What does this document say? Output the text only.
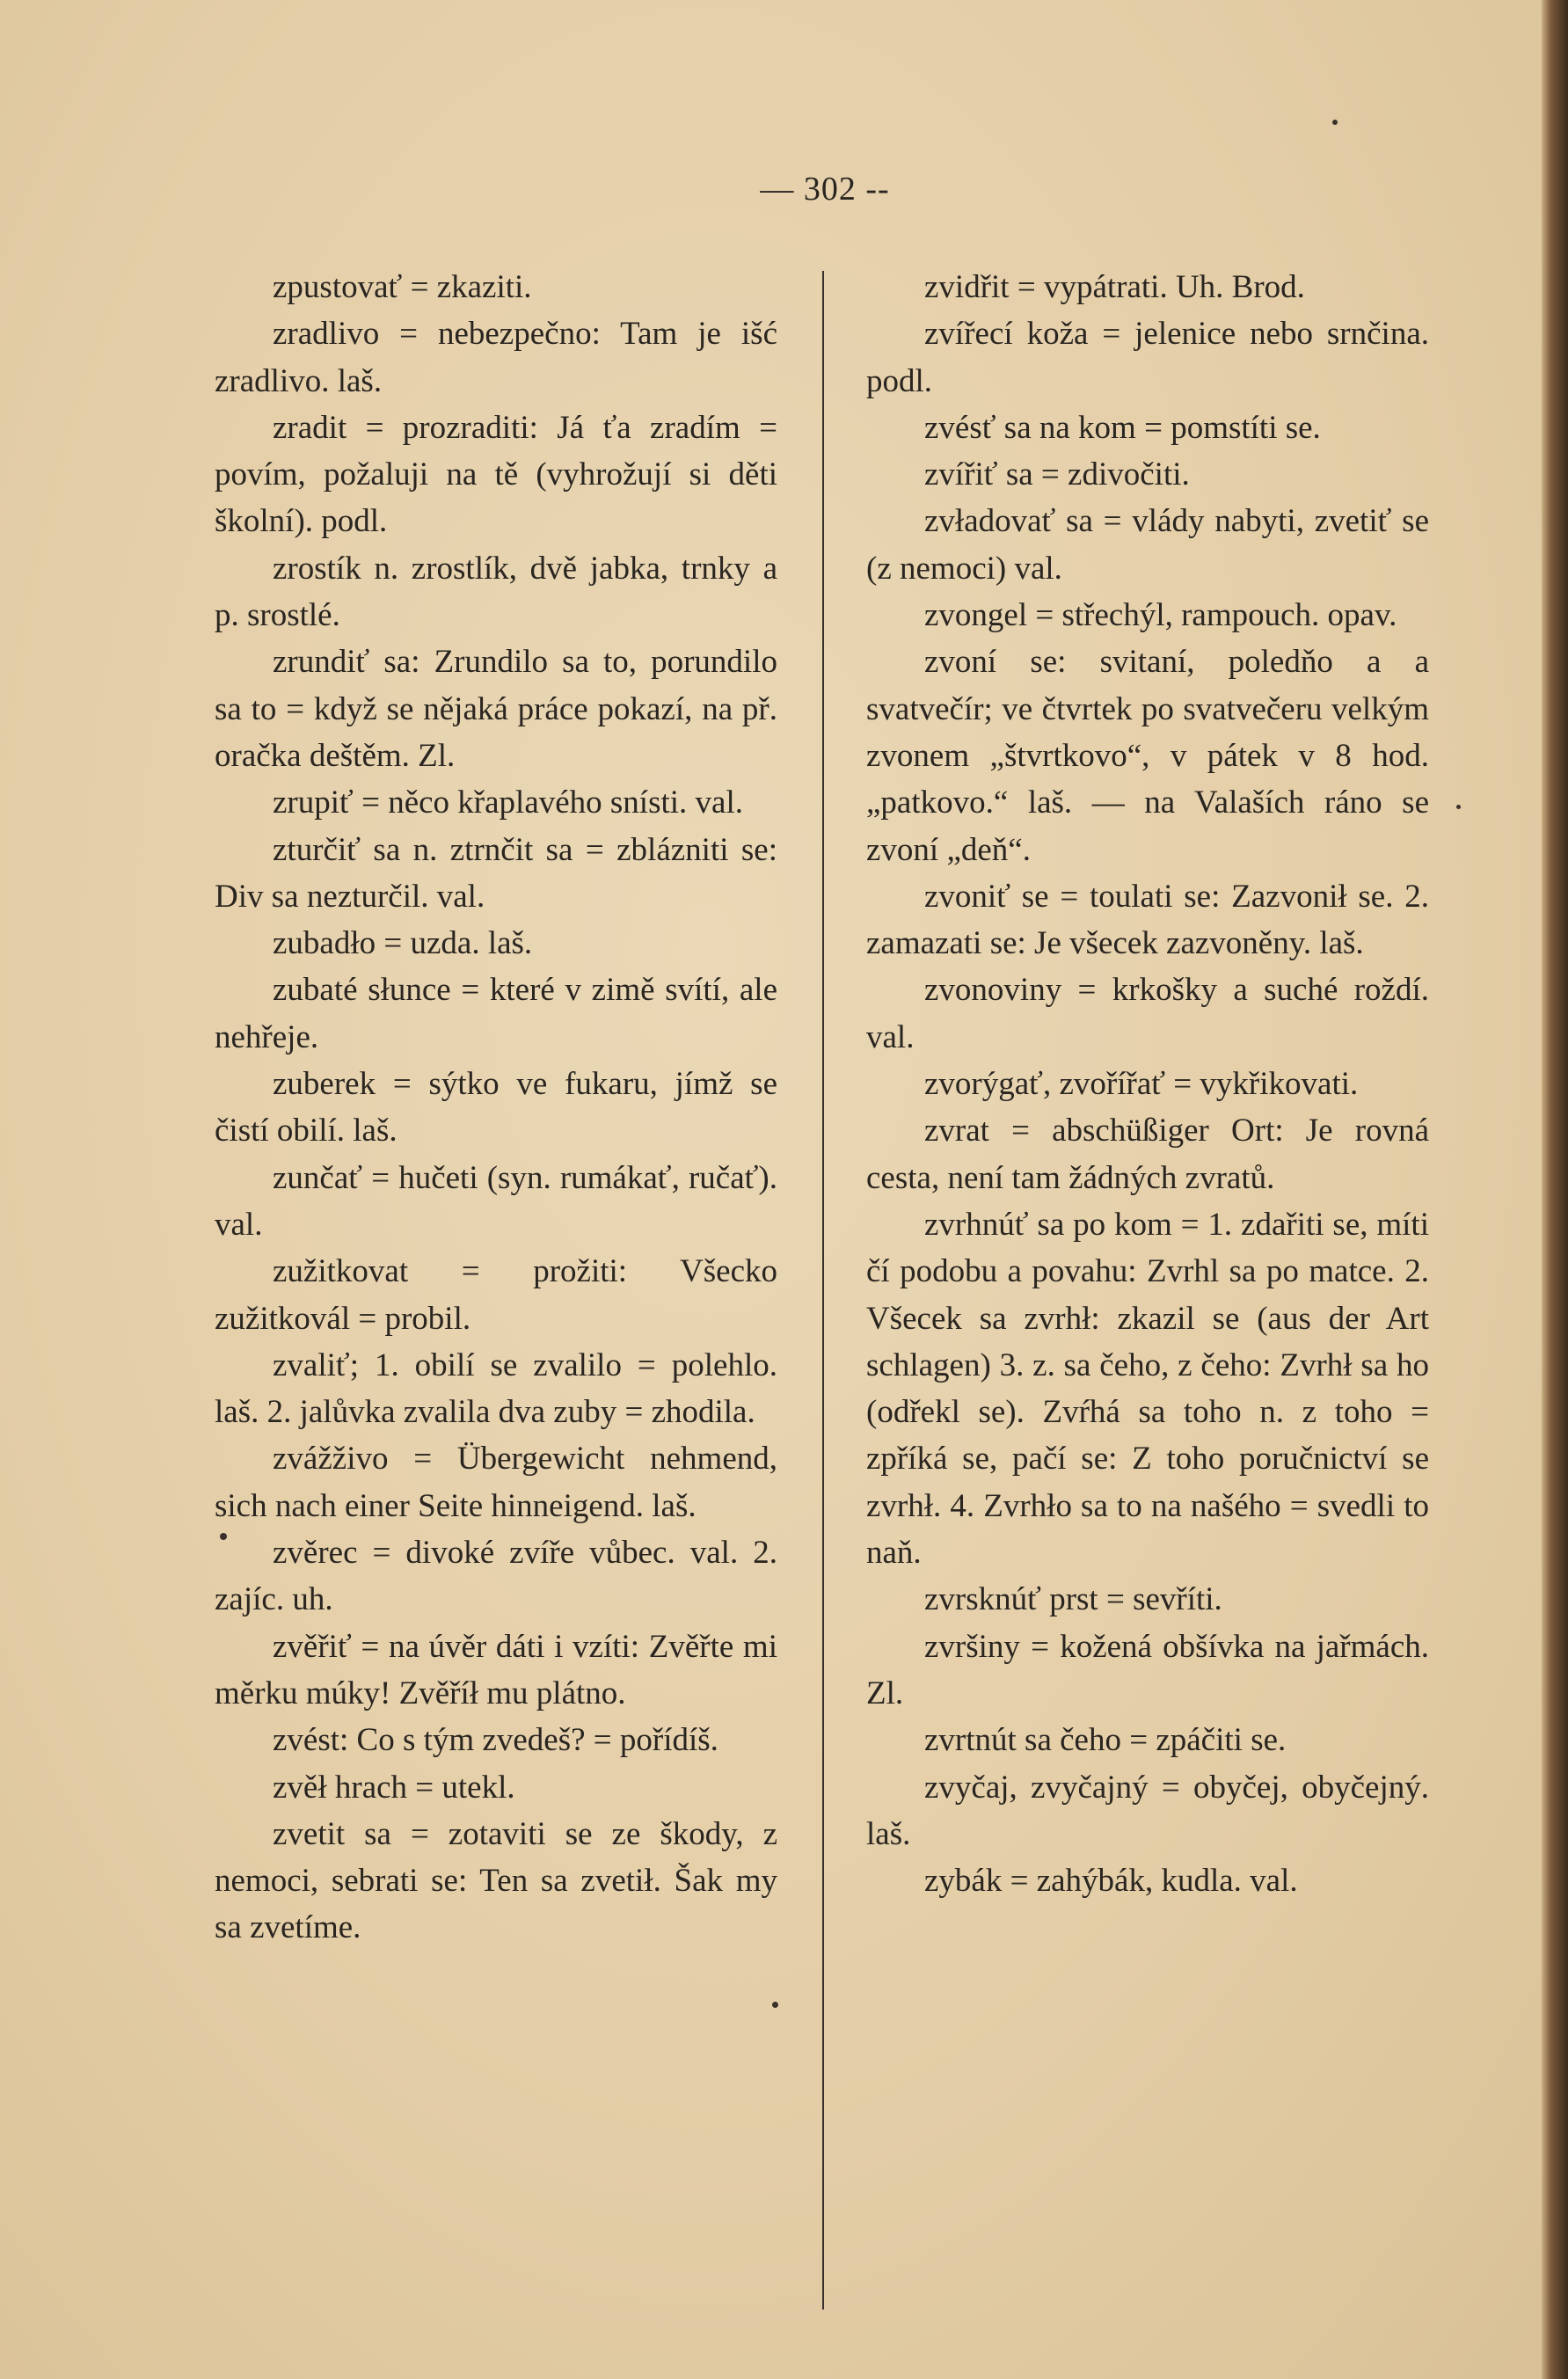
— 302 --

zpustovať = zkaziti.

zradlivo = nebezpečno: Tam je išć zradlivo. laš.

zradit = prozraditi: Já ťa zradím = povím, požaluji na tě (vyhrožují si děti školní). podl.

zrostík n. zrostlík, dvě jabka, trnky a p. srostlé.

zrundiť sa: Zrundilo sa to, porundilo sa to = když se nějaká práce pokazí, na př. oračka deštěm. Zl.

zrupiť = něco křaplavého snísti. val.

zturčiť sa n. ztrnčit sa = zblázniti se: Div sa nezturčil. val.

zubadło = uzda. laš.

zubaté słunce = které v zimě svítí, ale nehřeje.

zuberek = sýtko ve fukaru, jímž se čistí obilí. laš.

zunčať = hučeti (syn. rumákať, ručať). val.

zužitkovat = prožiti: Všecko zužitkovál = probil.

zvaliť; 1. obilí se zvalilo = polehlo. laš. 2. jalůvka zvalila dva zuby = zhodila.

zvážživo = Übergewicht nehmend, sich nach einer Seite hinneigend. laš.

zvěrec = divoké zvíře vůbec. val. 2. zajíc. uh.

zvěřiť = na úvěr dáti i vzíti: Zvěřte mi měrku múky! Zvěříł mu plátno.

zvést: Co s tým zvedeš? = pořídíš.

zvěł hrach = utekl.

zvetit sa = zotaviti se ze škody, z nemoci, sebrati se: Ten sa zvetił. Šak my sa zvetíme.

zvidřit = vypátrati. Uh. Brod.

zvířecí koža = jelenice nebo srnčina. podl.

zvésť sa na kom = pomstíti se.

zvířiť sa = zdivočiti.

zvładovať sa = vlády nabyti, zvetiť se (z nemoci) val.

zvongel = střechýl, rampouch. opav.

zvoní se: svitaní, poledňo a a svatvečír; ve čtvrtek po svatvečeru velkým zvonem „štvrtkovo“, v pátek v 8 hod. „patkovo.“ laš. — na Valaších ráno se zvoní „deň“.

zvoniť se = toulati se: Zazvonił se. 2. zamazati se: Je všecek zazvoněny. laš.

zvonoviny = krkošky a suché roždí. val.

zvorýgať, zvořířať = vykřikovati.

zvrat = abschüßiger Ort: Je rovná cesta, není tam žádných zvratů.

zvrhnúť sa po kom = 1. zdařiti se, míti čí podobu a povahu: Zvrhl sa po matce. 2. Všecek sa zvrhł: zkazil se (aus der Art schlagen) 3. z. sa čeho, z čeho: Zvrhł sa ho (odřekl se). Zvŕhá sa toho n. z toho = zpříká se, pačí se: Z toho poručnictví se zvrhł. 4. Zvrhło sa to na našého = svedli to naň.

zvrsknúť prst = sevříti.

zvršiny = kožená obšívka na jařmách. Zl.

zvrtnút sa čeho = zpáčiti se.

zvyčaj, zvyčajný = obyčej, obyčejný. laš.

zybák = zahýbák, kudla. val.
